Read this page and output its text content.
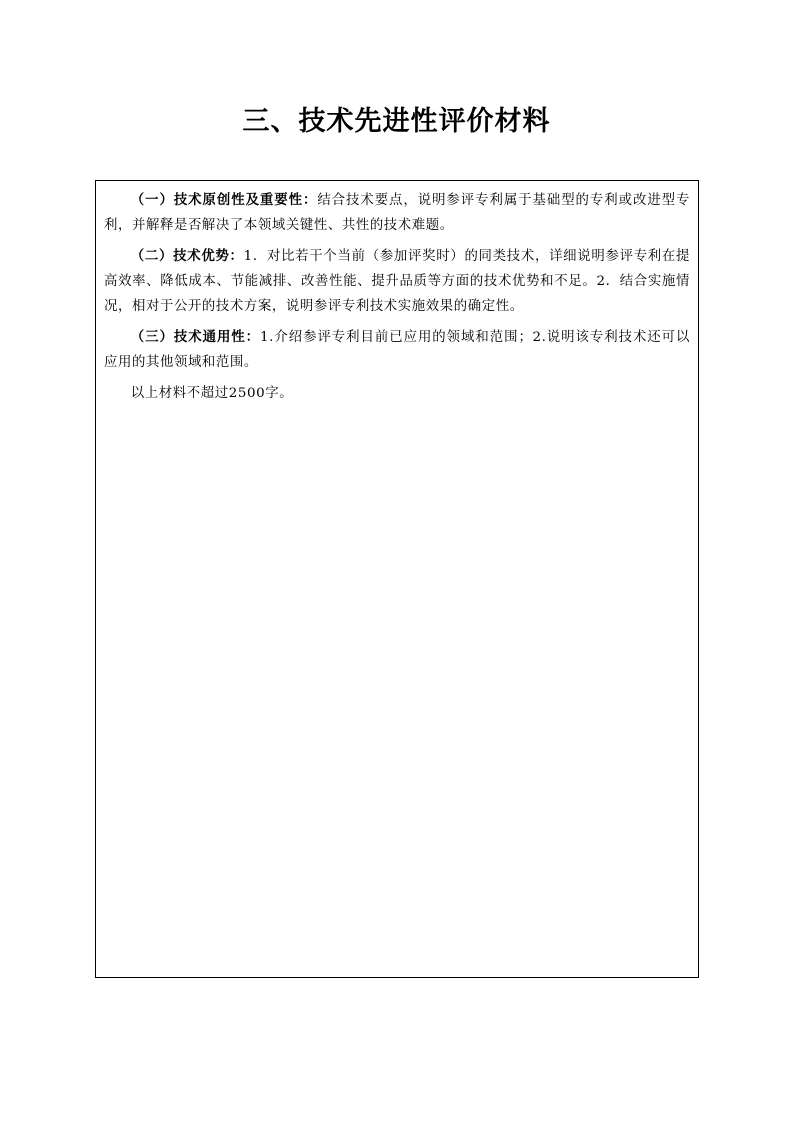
三、技术先进性评价材料

（一）技术原创性及重要性：结合技术要点，说明参评专利属于基础型的专利或改进型专利，并解释是否解决了本领域关键性、共性的技术难题。

（二）技术优势：1．对比若干个当前（参加评奖时）的同类技术，详细说明参评专利在提高效率、降低成本、节能减排、改善性能、提升品质等方面的技术优势和不足。2．结合实施情况，相对于公开的技术方案，说明参评专利技术实施效果的确定性。

（三）技术通用性：1.介绍参评专利目前已应用的领域和范围；2.说明该专利技术还可以应用的其他领域和范围。

以上材料不超过2500字。
